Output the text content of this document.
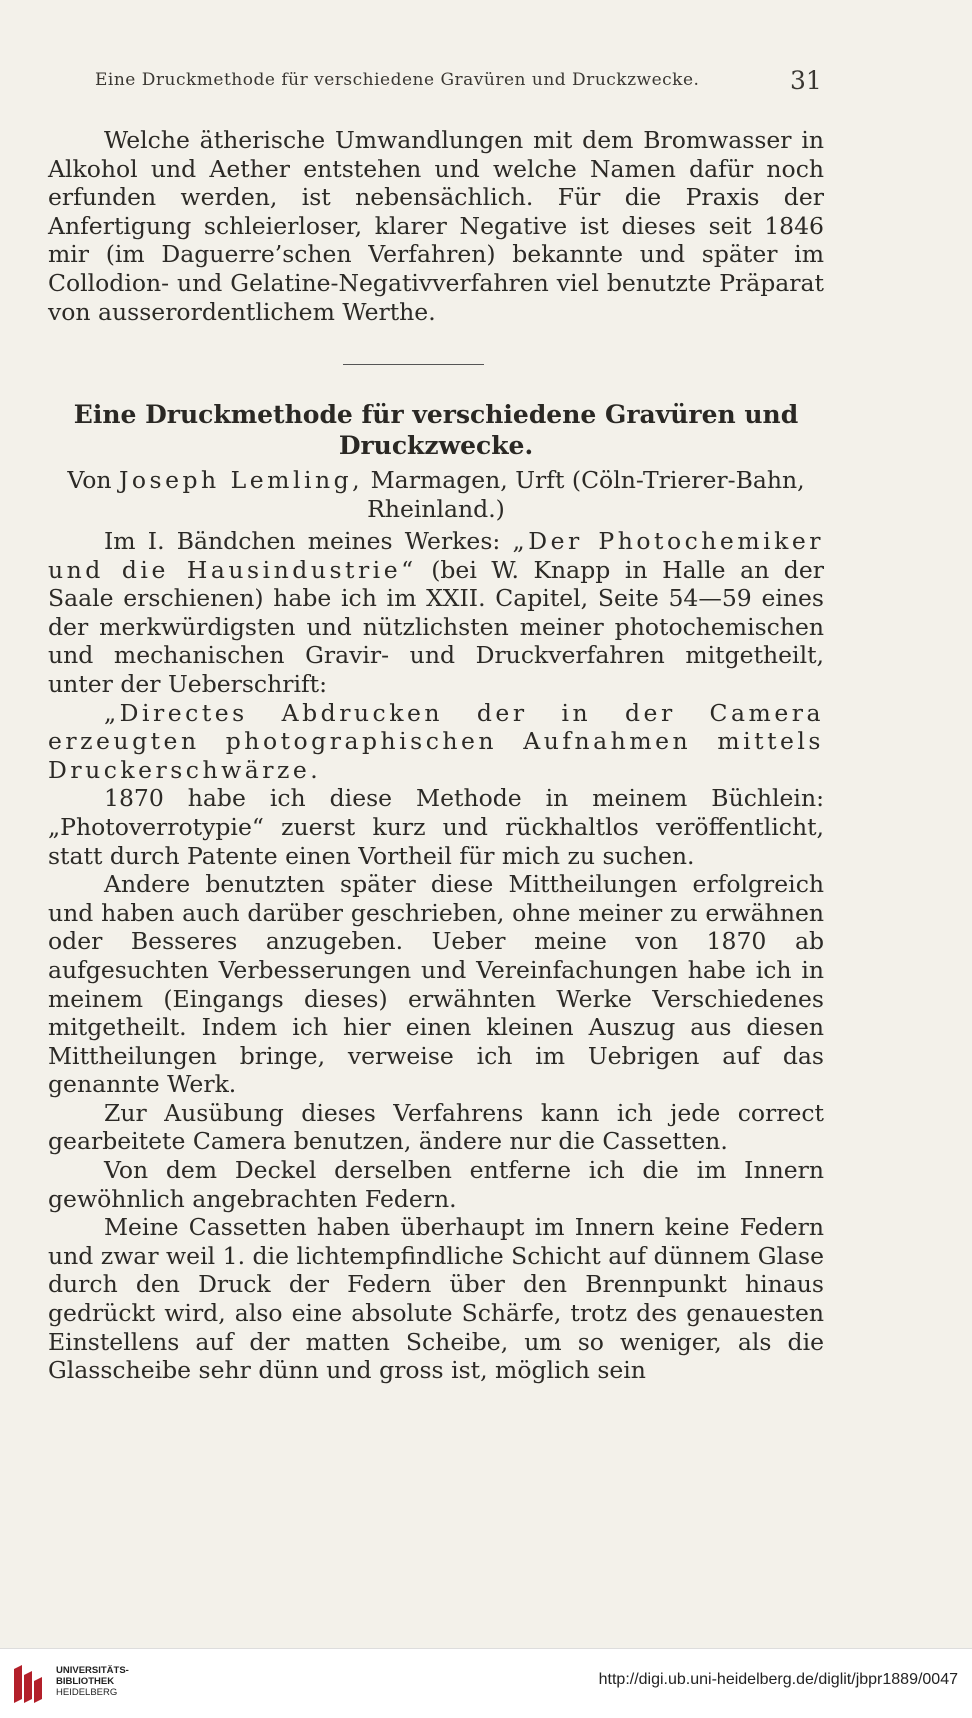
Eine Druckmethode für verschiedene Gravüren und Druckzwecke.	31

Welche ätherische Umwandlungen mit dem Bromwasser in Alkohol und Aether entstehen und welche Namen dafür noch erfunden werden, ist nebensächlich. Für die Praxis der Anfertigung schleierloser, klarer Negative ist dieses seit 1846 mir (im Daguerre’schen Verfahren) bekannte und später im Collodion- und Gelatine-Negativverfahren viel benutzte Präparat von ausserordentlichem Werthe.

Eine Druckmethode für verschiedene Gravüren und
Druckzwecke.
Von Joseph Lemling, Marmagen, Urft (Cöln-Trierer-Bahn,
Rheinland.)

Im I. Bändchen meines Werkes: „Der Photochemiker und die Hausindustrie“ (bei W. Knapp in Halle an der Saale erschienen) habe ich im XXII. Capitel, Seite 54—59 eines der merkwürdigsten und nützlichsten meiner photochemischen und mechanischen Gravir- und Druckverfahren mitgetheilt, unter der Ueberschrift:

„Directes Abdrucken der in der Camera erzeugten photographischen Aufnahmen mittels Druckerschwärze.

1870 habe ich diese Methode in meinem Büchlein: „Photoverrotypie“ zuerst kurz und rückhaltlos veröffentlicht, statt durch Patente einen Vortheil für mich zu suchen.

Andere benutzten später diese Mittheilungen erfolgreich und haben auch darüber geschrieben, ohne meiner zu erwähnen oder Besseres anzugeben. Ueber meine von 1870 ab aufgesuchten Verbesserungen und Vereinfachungen habe ich in meinem (Eingangs dieses) erwähnten Werke Verschiedenes mitgetheilt. Indem ich hier einen kleinen Auszug aus diesen Mittheilungen bringe, verweise ich im Uebrigen auf das genannte Werk.

Zur Ausübung dieses Verfahrens kann ich jede correct gearbeitete Camera benutzen, ändere nur die Cassetten.

Von dem Deckel derselben entferne ich die im Innern gewöhnlich angebrachten Federn.

Meine Cassetten haben überhaupt im Innern keine Federn und zwar weil 1. die lichtempfindliche Schicht auf dünnem Glase durch den Druck der Federn über den Brennpunkt hinaus gedrückt wird, also eine absolute Schärfe, trotz des genauesten Einstellens auf der matten Scheibe, um so weniger, als die Glasscheibe sehr dünn und gross ist, möglich sein

UNIVERSITÄTS-
BIBLIOTHEK
HEIDELBERG
http://digi.ub.uni-heidelberg.de/diglit/jbpr1889/0047
